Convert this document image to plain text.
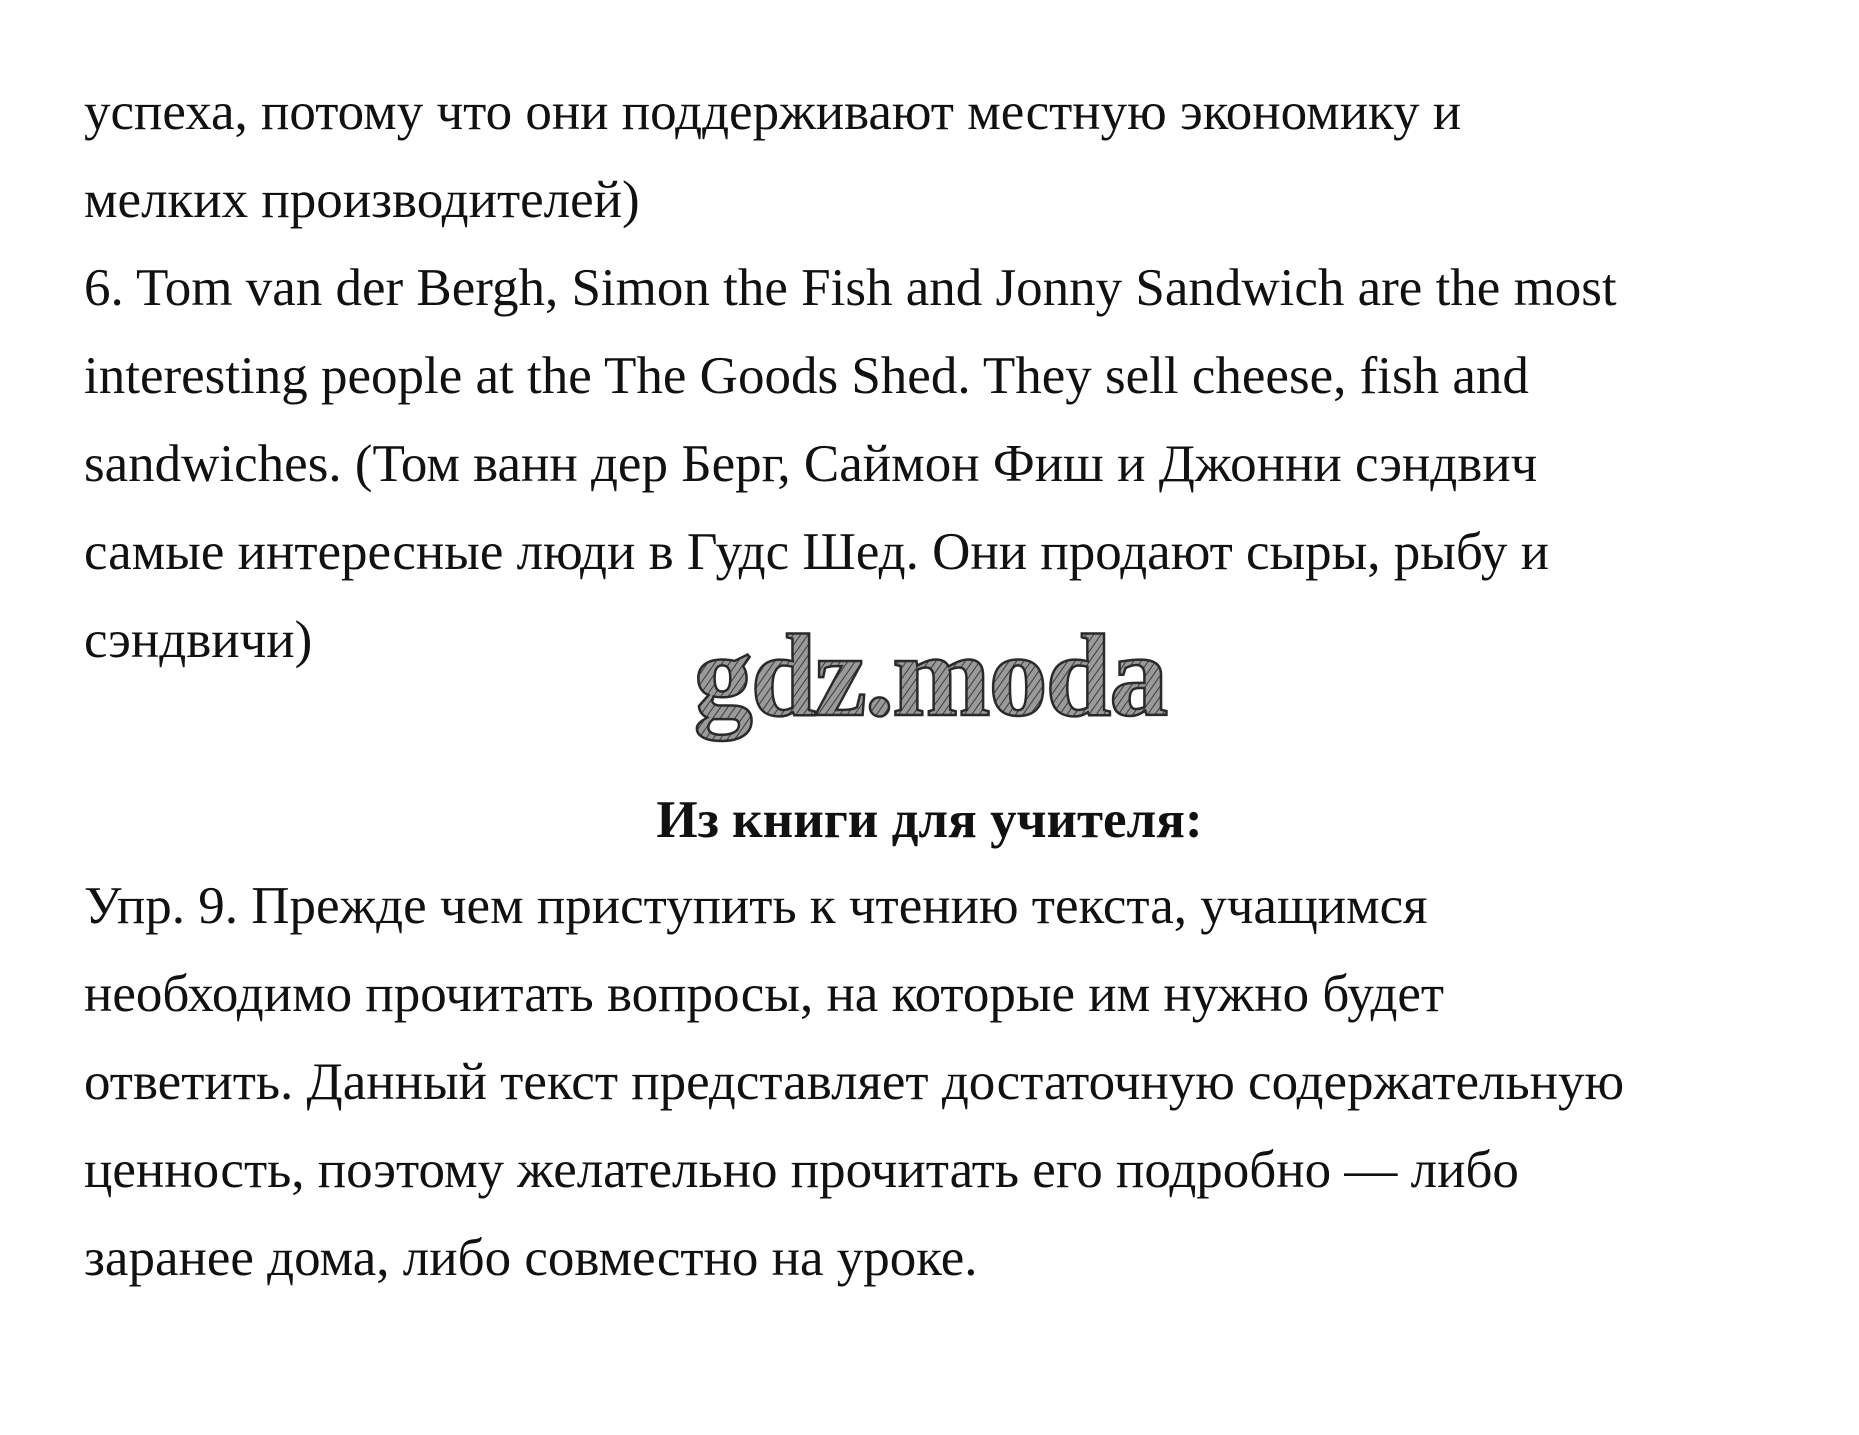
успеха, потому что они поддерживают местную экономику и

мелких производителей)

6. Tom van der Bergh, Simon the Fish and Jonny Sandwich are the most

interesting people at the The Goods Shed. They sell cheese, fish and

sandwiches. (Том ванн дер Берг, Саймон Фиш и Джонни сэндвич

самые интересные люди в Гудс Шед. Они продают сыры, рыбу и

сэндвичи)	gdz.moda

Из книги для учителя:

Упр. 9. Прежде чем приступить к чтению текста, учащимся

необходимо прочитать вопросы, на которые им нужно будет

ответить. Данный текст представляет достаточную содержательную

ценность, поэтому желательно прочитать его подробно — либо

заранее дома, либо совместно на уроке.
